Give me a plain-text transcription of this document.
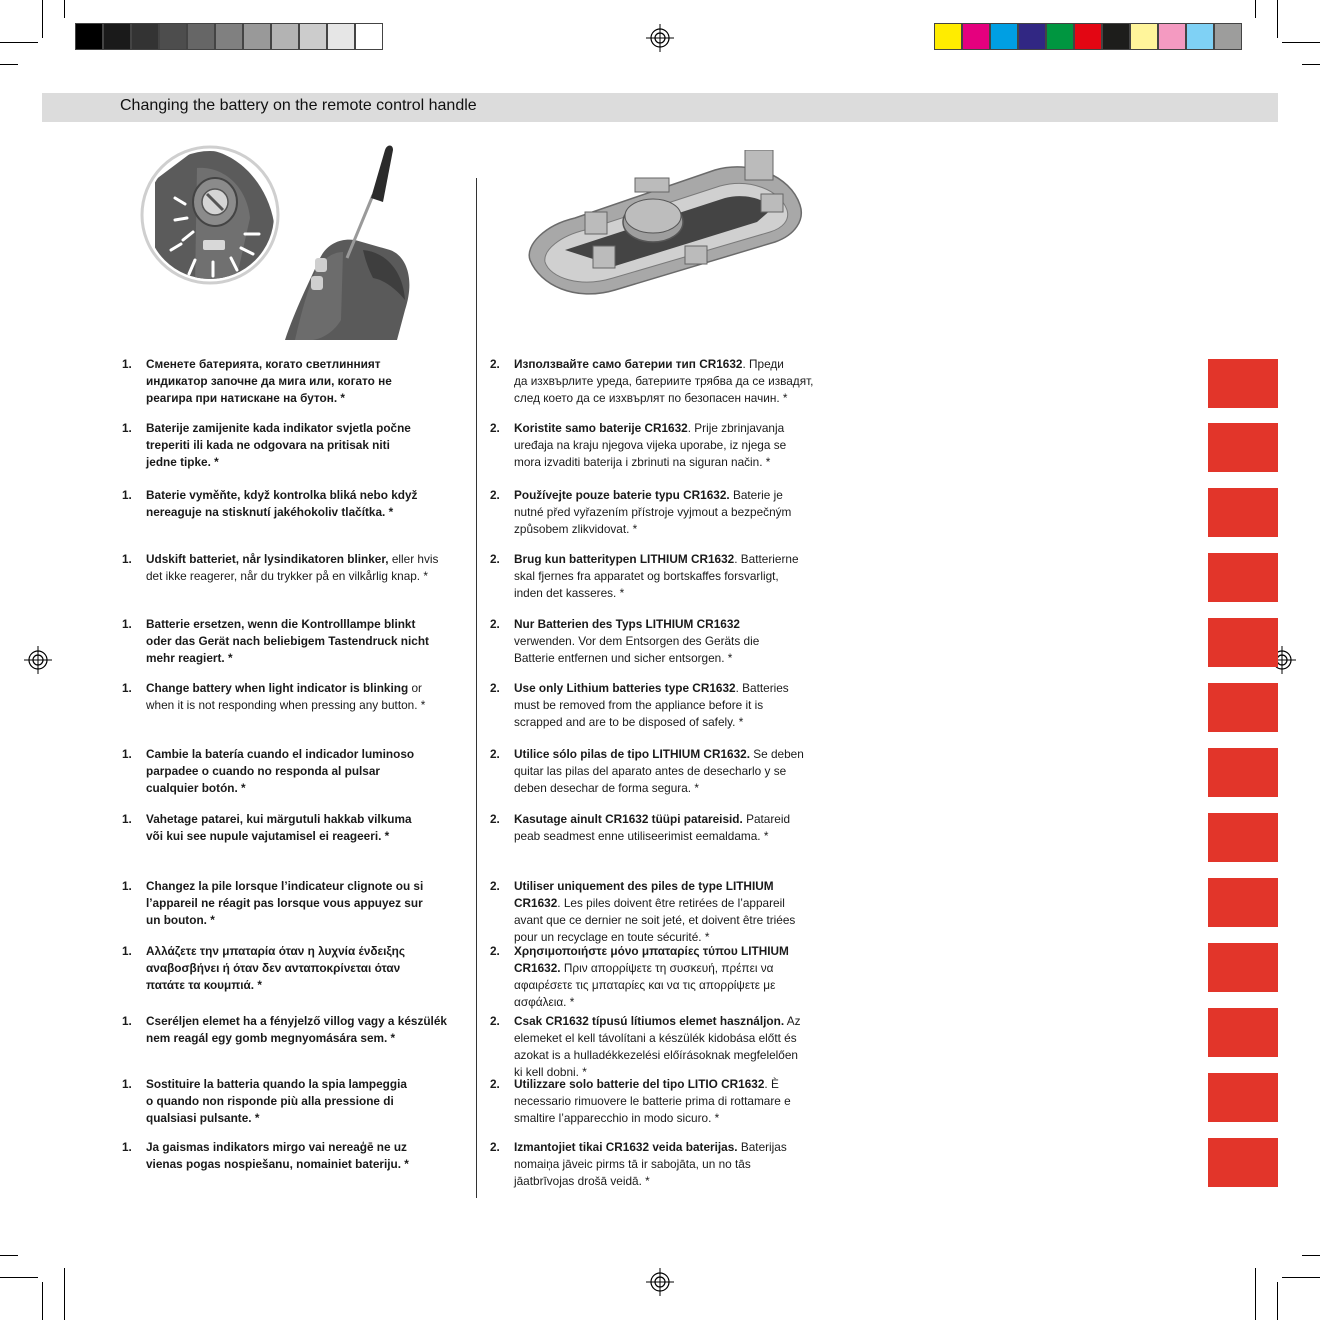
Changing the battery on the remote control handle
1. Сменете батерията, когато светлинният
индикатор започне да мига или, когато не
реагира при натискане на бутон. *
1. Baterije zamijenite kada indikator svjetla počne
treperiti ili kada ne odgovara na pritisak niti
jedne tipke. *
1. Baterie vyměňte, když kontrolka bliká nebo když
nereaguje na stisknutí jakéhokoliv tlačítka. *
1. Udskift batteriet, når lysindikatoren blinker, eller hvis
det ikke reagerer, når du trykker på en vilkårlig knap. *
1. Batterie ersetzen, wenn die Kontrolllampe blinkt
oder das Gerät nach beliebigem Tastendruck nicht
mehr reagiert. *
1. Change battery when light indicator is blinking or
when it is not responding when pressing any button. *
1. Cambie la batería cuando el indicador luminoso
parpadee o cuando no responda al pulsar
cualquier botón. *
1. Vahetage patarei, kui märgutuli hakkab vilkuma
või kui see nupule vajutamisel ei reageeri. *
1. Changez la pile lorsque l’indicateur clignote ou si
l’appareil ne réagit pas lorsque vous appuyez sur
un bouton. *
1. Αλλάζετε την μπαταρία όταν η λυχνία ένδειξης
αναβοσβήνει ή όταν δεν ανταποκρίνεται όταν
πατάτε τα κουμπιά. *
1. Cseréljen elemet ha a fényjelző villog vagy a készülék
nem reagál egy gomb megnyomására sem. *
1. Sostituire la batteria quando la spia lampeggia
o quando non risponde più alla pressione di
qualsiasi pulsante. *
1. Ja gaismas indikators mirgo vai nereaģē ne uz
vienas pogas nospiešanu, nomainiet bateriju. *
2. Използвайте само батерии тип CR1632. Преди
да изхвърлите уреда, батериите трябва да се извадят,
след което да се изхвърлят по безопасен начин. *
2. Koristite samo baterije CR1632. Prije zbrinjavanja
uređaja na kraju njegova vijeka uporabe, iz njega se
mora izvaditi baterija i zbrinuti na siguran način. *
2. Používejte pouze baterie typu CR1632. Baterie je
nutné před vyřazením přístroje vyjmout a bezpečným
způsobem zlikvidovat. *
2. Brug kun batteritypen LITHIUM CR1632. Batterierne
skal fjernes fra apparatet og bortskaffes forsvarligt,
inden det kasseres. *
2. Nur Batterien des Typs LITHIUM CR1632
verwenden. Vor dem Entsorgen des Geräts die
Batterie entfernen und sicher entsorgen. *
2. Use only Lithium batteries type CR1632. Batteries
must be removed from the appliance before it is
scrapped and are to be disposed of safely. *
2. Utilice sólo pilas de tipo LITHIUM CR1632. Se deben
quitar las pilas del aparato antes de desecharlo y se
deben desechar de forma segura. *
2. Kasutage ainult CR1632 tüüpi patareisid. Patareid
peab seadmest enne utiliseerimist eemaldama. *
2. Utiliser uniquement des piles de type LITHIUM
CR1632. Les piles doivent être retirées de l’appareil
avant que ce dernier ne soit jeté, et doivent être triées
pour un recyclage en toute sécurité. *
2. Χρησιμοποιήστε μόνο μπαταρίες τύπου LITHIUM
CR1632. Πριν απορρίψετε τη συσκευή, πρέπει να
αφαιρέσετε τις μπαταρίες και να τις απορρίψετε με
ασφάλεια. *
2. Csak CR1632 típusú lítiumos elemet használjon. Az
elemeket el kell távolítani a készülék kidobása előtt és
azokat is a hulladékkezelési előírásoknak megfelelően
ki kell dobni. *
2. Utilizzare solo batterie del tipo LITIO CR1632. È
necessario rimuovere le batterie prima di rottamare e
smaltire l’apparecchio in modo sicuro. *
2. Izmantojiet tikai CR1632 veida baterijas. Baterijas
nomaiņa jāveic pirms tā ir sabojāta, un no tās
jāatbrīvojas drošā veidā. *
